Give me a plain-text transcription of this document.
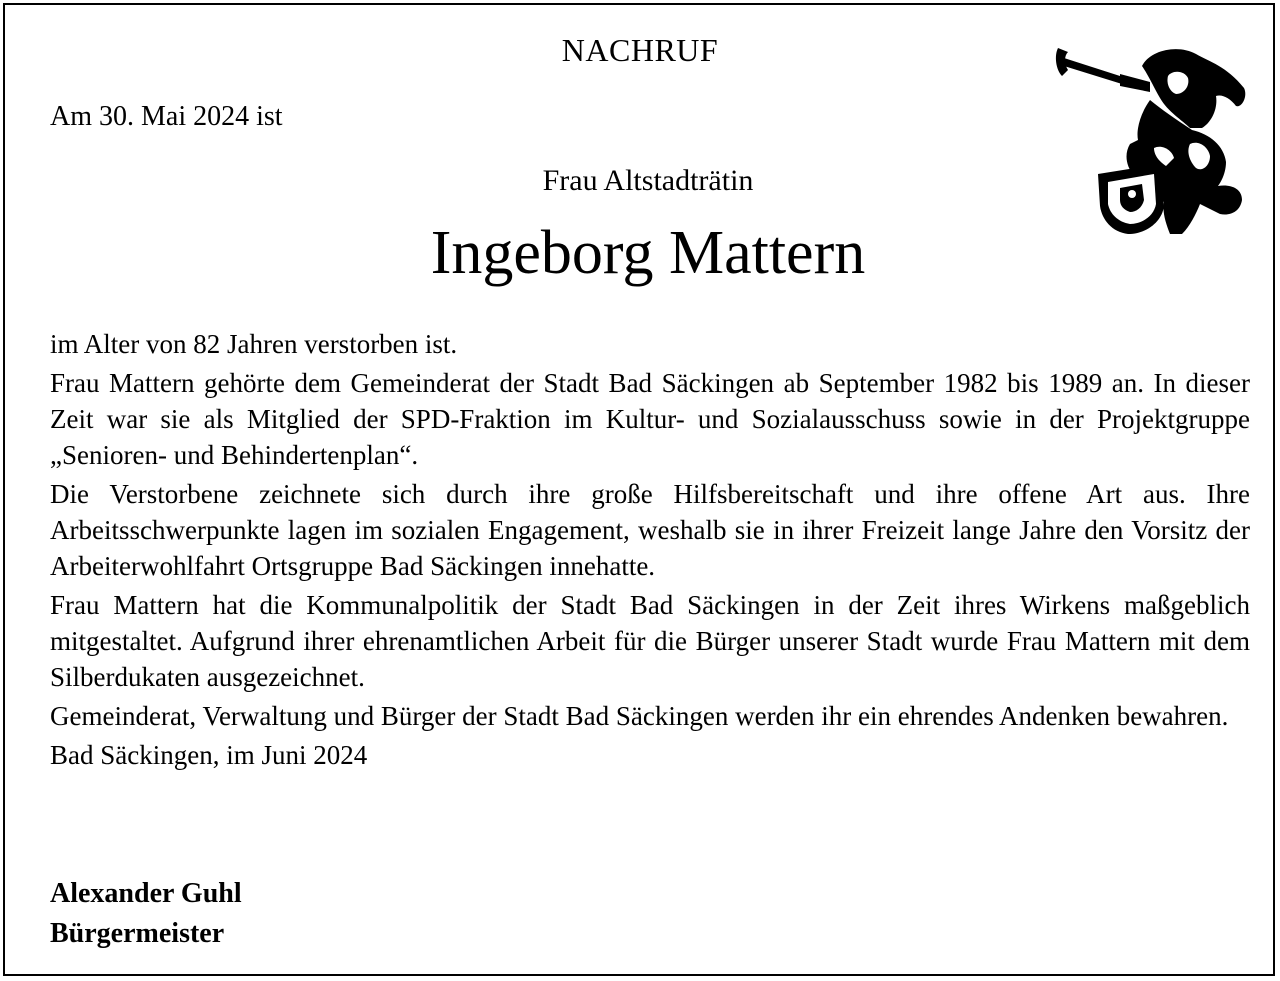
NACHRUF
Am 30. Mai 2024 ist
Frau Altstadträtin
Ingeborg Mattern

im Alter von 82 Jahren verstorben ist.

Frau Mattern gehörte dem Gemeinderat der Stadt Bad Säckingen ab September 1982 bis 1989 an. In dieser Zeit war sie als Mitglied der SPD-Fraktion im Kultur- und Sozialausschuss sowie in der Projektgruppe „Senioren- und Behindertenplan“.

Die Verstorbene zeichnete sich durch ihre große Hilfsbereitschaft und ihre offene Art aus. Ihre Arbeitsschwerpunkte lagen im sozialen Engagement, weshalb sie in ihrer Freizeit lange Jahre den Vorsitz der Arbeiterwohlfahrt Ortsgruppe Bad Säckingen innehatte.

Frau Mattern hat die Kommunalpolitik der Stadt Bad Säckingen in der Zeit ihres Wirkens maßgeblich mitgestaltet. Aufgrund ihrer ehrenamtlichen Arbeit für die Bürger unserer Stadt wurde Frau Mattern mit dem Silberdukaten ausgezeichnet.

Gemeinderat, Verwaltung und Bürger der Stadt Bad Säckingen werden ihr ein ehrendes Andenken bewahren.

Bad Säckingen, im Juni 2024

Alexander Guhl
Bürgermeister
